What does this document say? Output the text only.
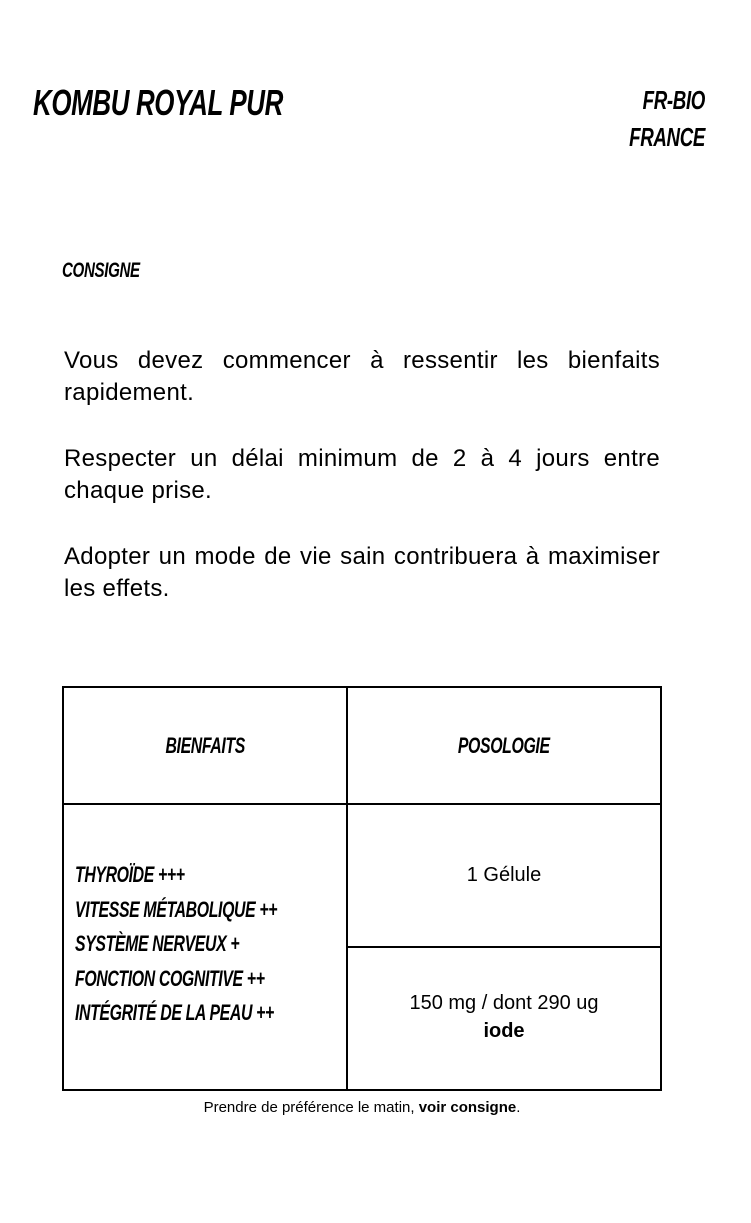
KOMBU ROYAL PUR	FR-BIO
FRANCE
CONSIGNE

Vous devez commencer à ressentir les bienfaits rapidement.

Respecter un délai minimum de 2 à 4 jours entre chaque prise.

Adopter un mode de vie sain contribuera à maximiser les effets.

BIENFAITS	POSOLOGIE
THYROÏDE +++
VITESSE MÉTABOLIQUE ++
SYSTÈME NERVEUX +
FONCTION COGNITIVE ++
INTÉGRITÉ DE LA PEAU ++
1 Gélule
150 mg / dont 290 ug
iode
Prendre de préférence le matin, voir consigne.
